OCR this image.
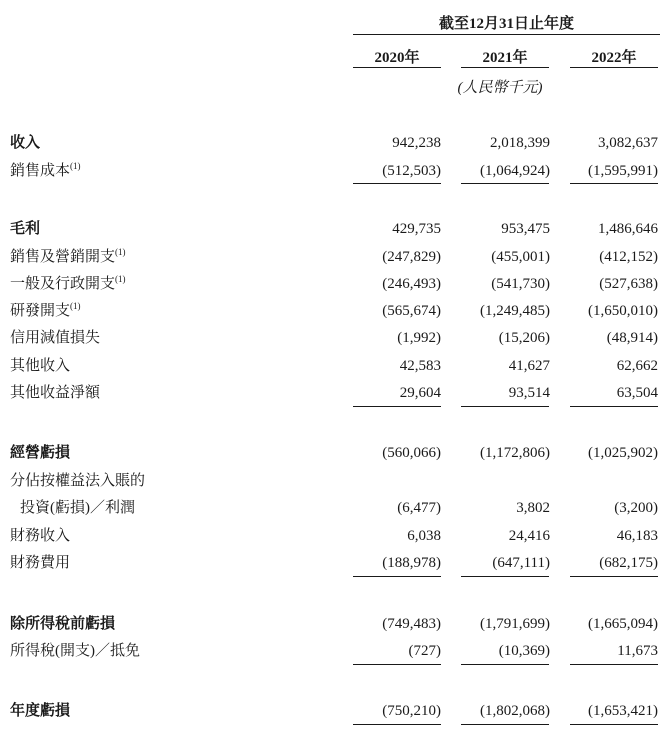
截至12月31日止年度
2020年	2021年	2022年
(人民幣千元)
收入	942,238	2,018,399	3,082,637
銷售成本$^{(1)}$	(512,503)	(1,064,924)	(1,595,991)
毛利	429,735	953,475	1,486,646
銷售及營銷開支$^{(1)}$	(247,829)	(455,001)	(412,152)
一般及行政開支$^{(1)}$	(246,493)	(541,730)	(527,638)
研發開支$^{(1)}$	(565,674)	(1,249,485)	(1,650,010)
信用減值損失	(1,992)	(15,206)	(48,914)
其他收入	42,583	41,627	62,662
其他收益淨額	29,604	93,514	63,504
經營虧損	(560,066)	(1,172,806)	(1,025,902)
分佔按權益法入賬的
投資(虧損)／利潤	(6,477)	3,802	(3,200)
財務收入	6,038	24,416	46,183
財務費用	(188,978)	(647,111)	(682,175)
除所得稅前虧損	(749,483)	(1,791,699)	(1,665,094)
所得稅(開支)／抵免	(727)	(10,369)	11,673
年度虧損	(750,210)	(1,802,068)	(1,653,421)
